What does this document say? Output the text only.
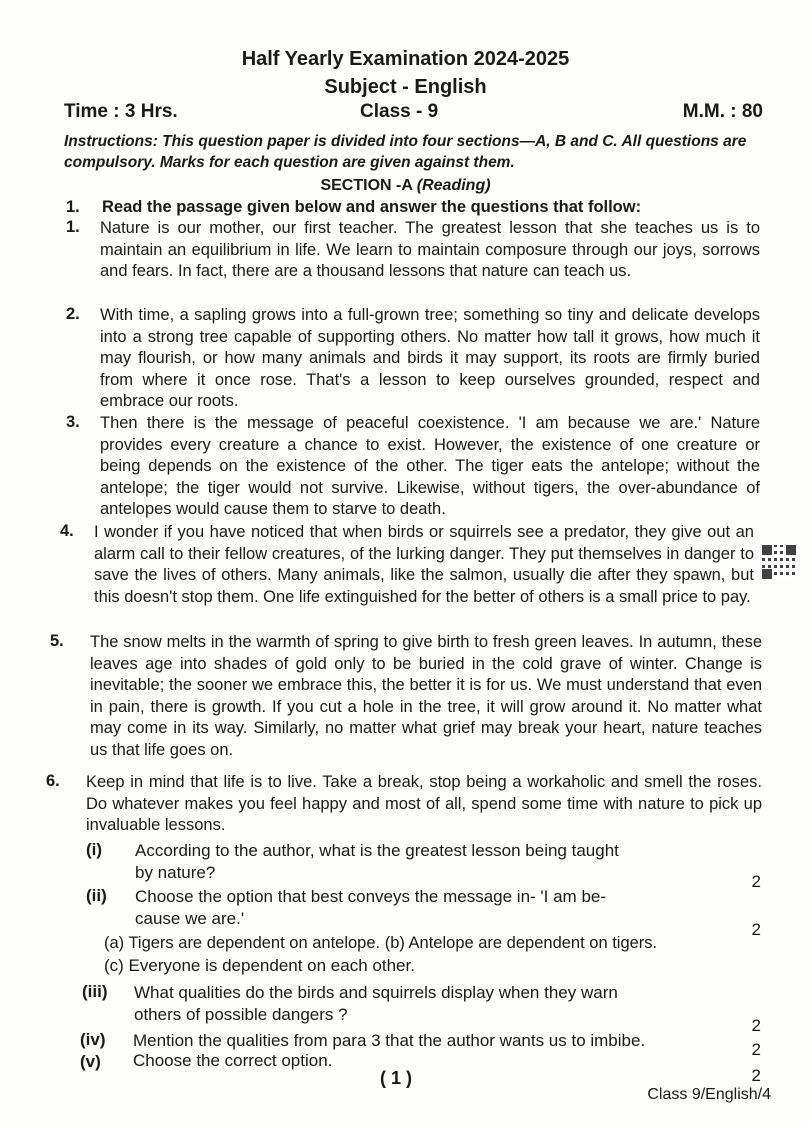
Half Yearly Examination 2024-2025
Subject - English
Time : 3 Hrs.	Class - 9	M.M. : 80
Instructions: This question paper is divided into four sections—A, B and C. All questions are compulsory. Marks for each question are given against them.
SECTION -A (Reading)
1.	Read the passage given below and answer the questions that follow:
1.	Nature is our mother, our first teacher. The greatest lesson that she teaches us is to maintain an equilibrium in life. We learn to maintain composure through our joys, sorrows and fears. In fact, there are a thousand lessons that nature can teach us.
2.	With time, a sapling grows into a full-grown tree; something so tiny and delicate develops into a strong tree capable of supporting others. No matter how tall it grows, how much it may flourish, or how many animals and birds it may support, its roots are firmly buried from where it once rose. That's a lesson to keep ourselves grounded, respect and embrace our roots.
3.	Then there is the message of peaceful coexistence. 'I am because we are.' Nature provides every creature a chance to exist. However, the existence of one creature or being depends on the existence of the other. The tiger eats the antelope; without the antelope; the tiger would not survive. Likewise, without tigers, the over-abundance of antelopes would cause them to starve to death.
4.	I wonder if you have noticed that when birds or squirrels see a predator, they give out an alarm call to their fellow creatures, of the lurking danger. They put themselves in danger to save the lives of others. Many animals, like the salmon, usually die after they spawn, but this doesn't stop them. One life extinguished for the better of others is a small price to pay.
5.	The snow melts in the warmth of spring to give birth to fresh green leaves. In autumn, these leaves age into shades of gold only to be buried in the cold grave of winter. Change is inevitable; the sooner we embrace this, the better it is for us. We must understand that even in pain, there is growth. If you cut a hole in the tree, it will grow around it. No matter what may come in its way. Similarly, no matter what grief may break your heart, nature teaches us that life goes on.
6.	Keep in mind that life is to live. Take a break, stop being a workaholic and smell the roses. Do whatever makes you feel happy and most of all, spend some time with nature to pick up invaluable lessons.
(i) According to the author, what is the greatest lesson being taught
by nature?	2
(ii) Choose the option that best conveys the message in- 'I am be-
cause we are.'
2
(a) Tigers are dependent on antelope. (b) Antelope are dependent on tigers.
(c) Everyone is dependent on each other.
(iii) What qualities do the birds and squirrels display when they warn
others of possible dangers ?
2
(iv) Mention the qualities from para 3 that the author wants us to imbibe.	2
(v) Choose the correct option.
2
( 1 )
Class 9/English/4
